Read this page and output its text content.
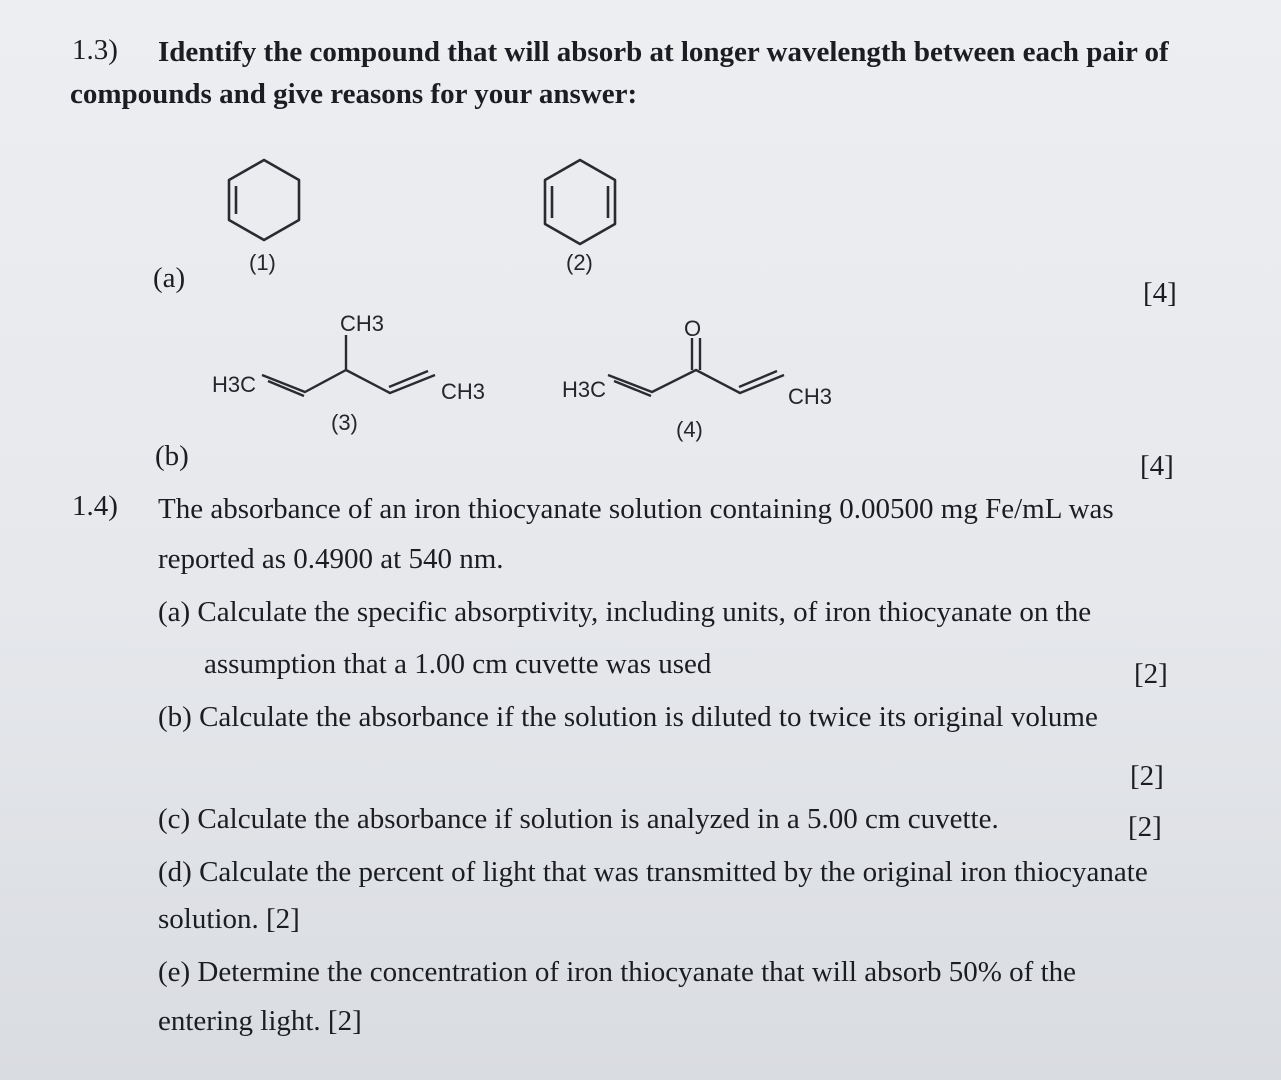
1.3) Identify the compound that will absorb at longer wavelength between each pair of
compounds and give reasons for your answer:
(a)	[4]
(b)	[4]
(1)	(2)
CH3
H3C	CH3
(3)
O
H3C	CH3
(4)
1.4) The absorbance of an iron thiocyanate solution containing 0.00500 mg Fe/mL was
reported as 0.4900 at 540 nm.
(a) Calculate the specific absorptivity, including units, of iron thiocyanate on the
assumption that a 1.00 cm cuvette was used	[2]
(b) Calculate the absorbance if the solution is diluted to twice its original volume
[2]
(c) Calculate the absorbance if solution is analyzed in a 5.00 cm cuvette.	[2]
(d) Calculate the percent of light that was transmitted by the original iron thiocyanate
solution. [2]
(e) Determine the concentration of iron thiocyanate that will absorb 50% of the
entering light. [2]
